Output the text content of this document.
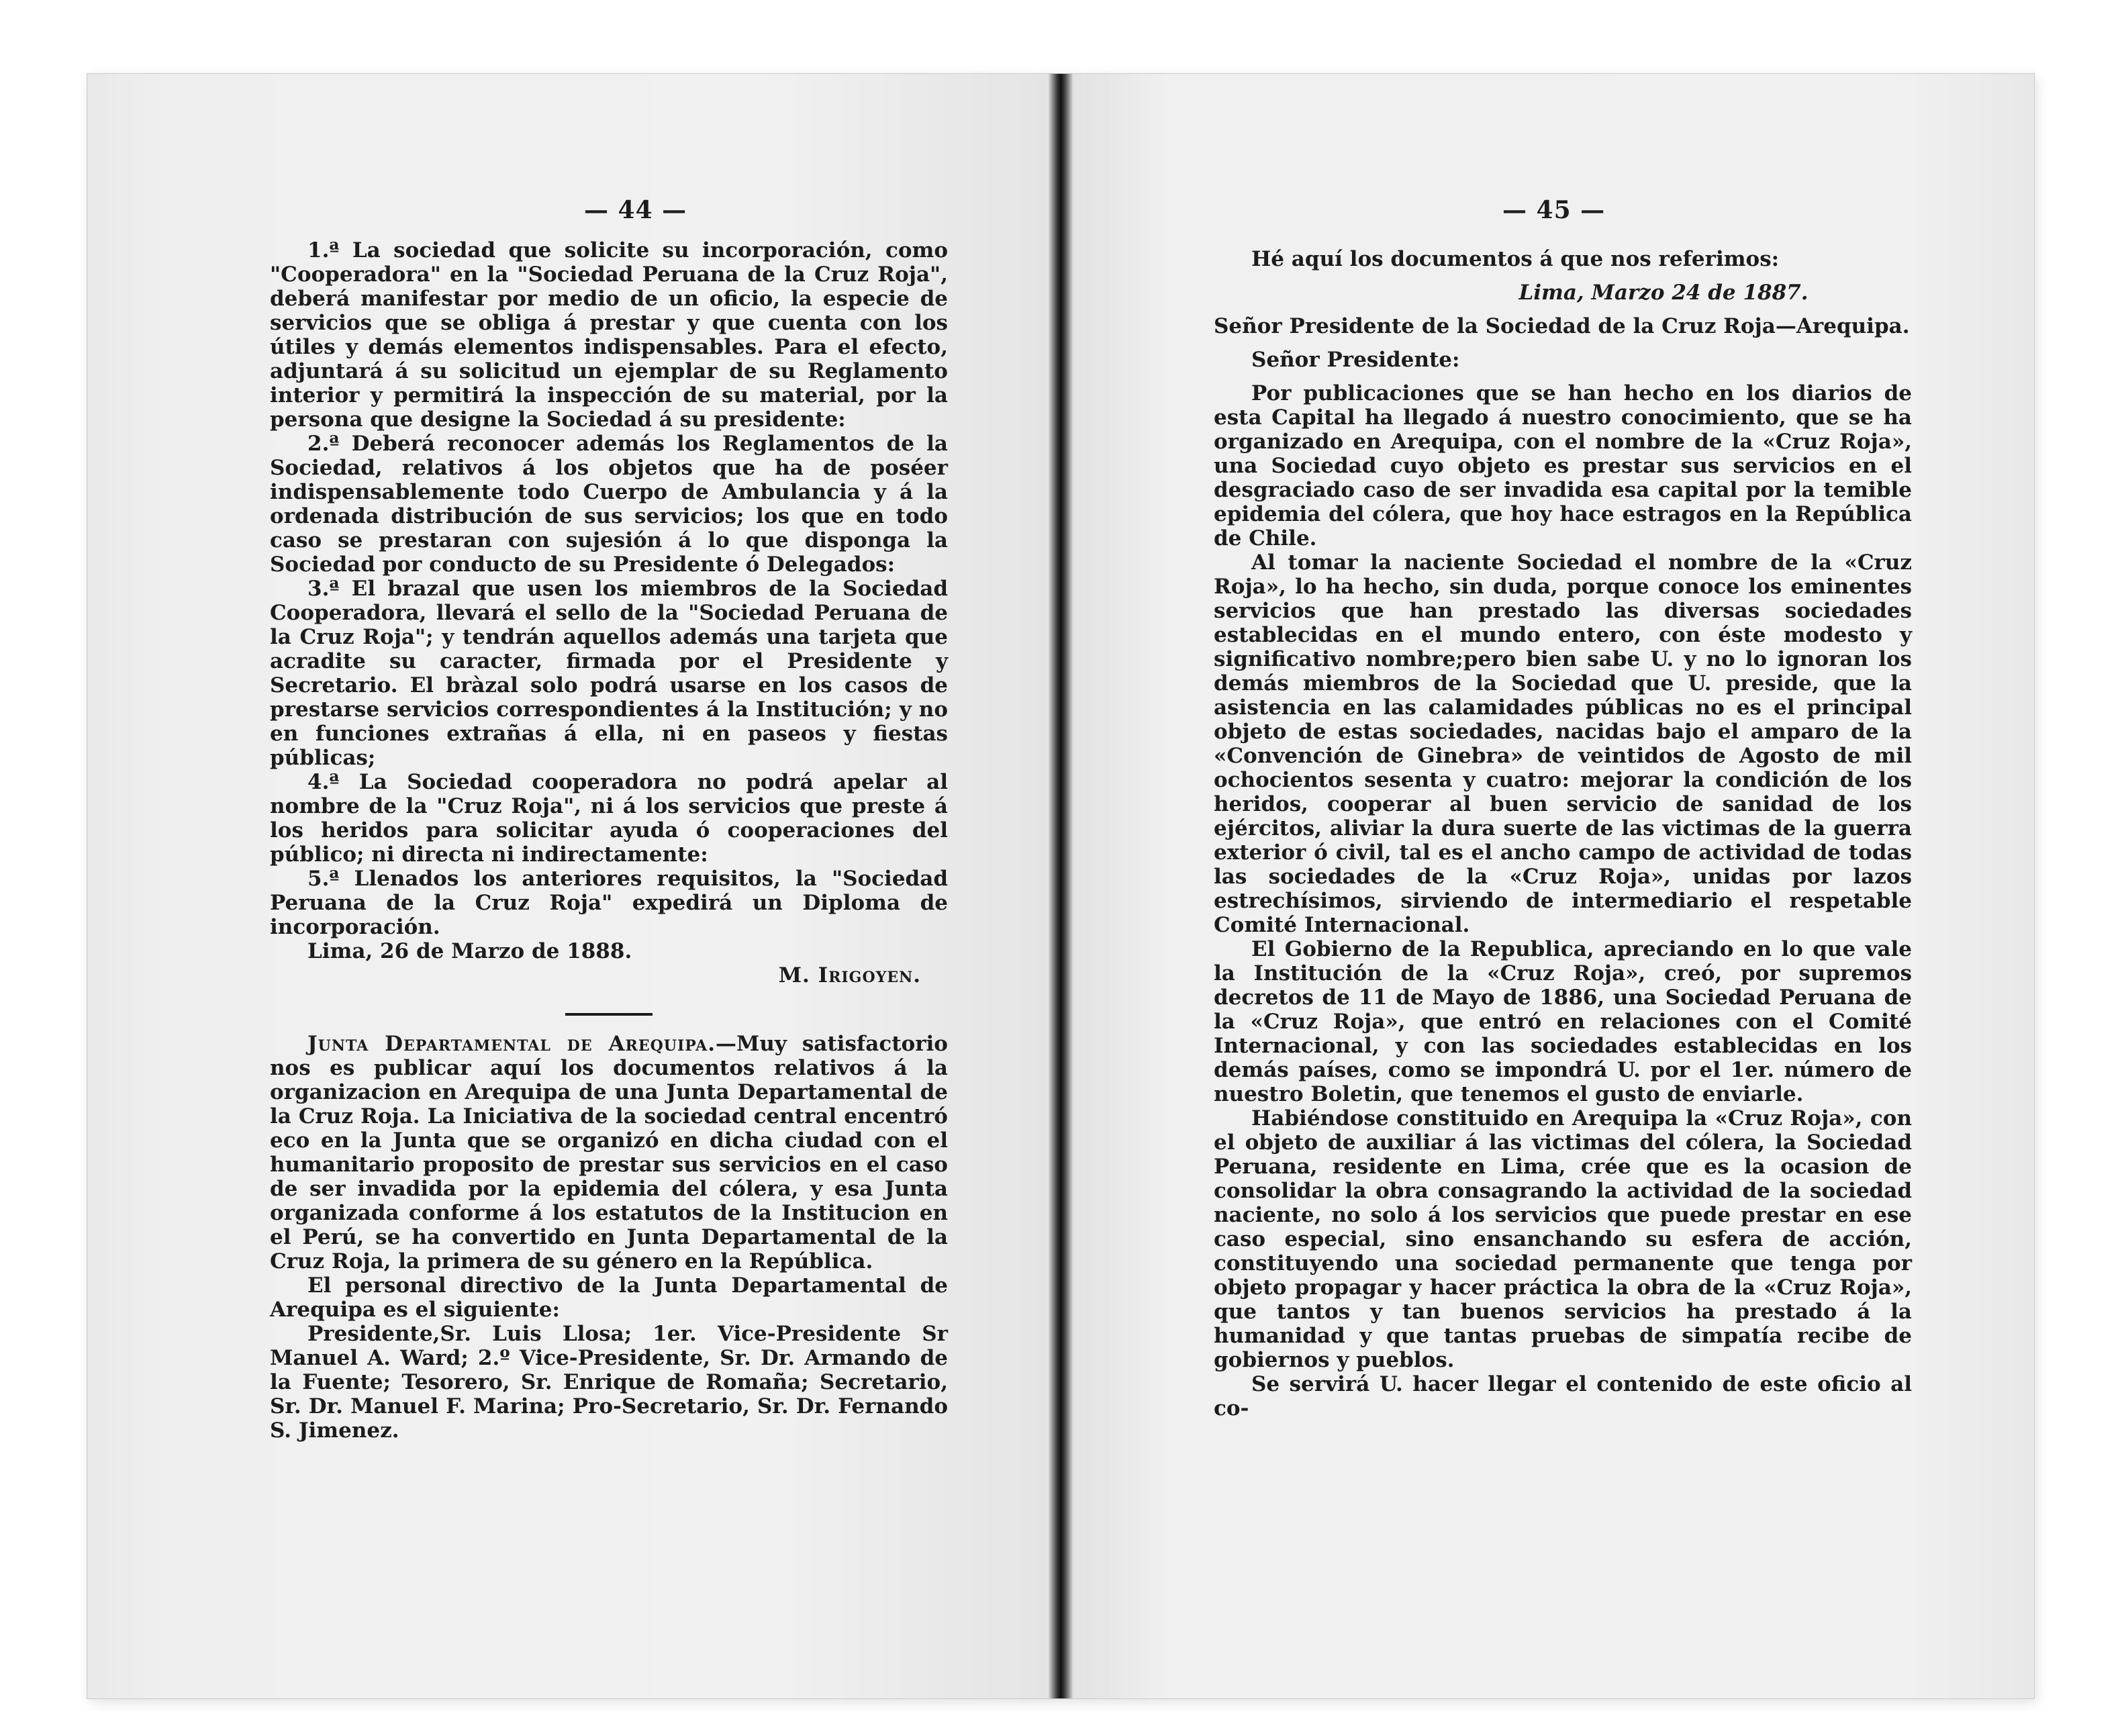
— 44 —

1.ª La sociedad que solicite su incorporación, como "Cooperadora" en la "Sociedad Peruana de la Cruz Roja", deberá manifestar por medio de un oficio, la especie de servicios que se obliga á prestar y que cuenta con los útiles y demás elementos indispensables. Para el efecto, adjuntará á su solicitud un ejemplar de su Reglamento interior y permitirá la inspección de su material, por la persona que designe la Sociedad á su presidente:

2.ª Deberá reconocer además los Reglamentos de la Sociedad, relativos á los objetos que ha de poséer indispensablemente todo Cuerpo de Ambulancia y á la ordenada distribución de sus servicios; los que en todo caso se prestaran con sujesión á lo que disponga la Sociedad por conducto de su Presidente ó Delegados:

3.ª El brazal que usen los miembros de la Sociedad Cooperadora, llevará el sello de la "Sociedad Peruana de la Cruz Roja"; y tendrán aquellos además una tarjeta que acradite su caracter, firmada por el Presidente y Secretario. El bràzal solo podrá usarse en los casos de prestarse servicios correspondientes á la Institución; y no en funciones extrañas á ella, ni en paseos y fiestas públicas;

4.ª La Sociedad cooperadora no podrá apelar al nombre de la "Cruz Roja", ni á los servicios que preste á los heridos para solicitar ayuda ó cooperaciones del público; ni directa ni indirectamente:

5.ª Llenados los anteriores requisitos, la "Sociedad Peruana de la Cruz Roja" expedirá un Diploma de incorporación.

Lima, 26 de Marzo de 1888.

M. Irigoyen.

Junta Departamental de Arequipa.—Muy satisfactorio nos es publicar aquí los documentos relativos á la organizacion en Arequipa de una Junta Departamental de la Cruz Roja. La Iniciativa de la sociedad central encentró eco en la Junta que se organizó en dicha ciudad con el humanitario proposito de prestar sus servicios en el caso de ser invadida por la epidemia del cólera, y esa Junta organizada conforme á los estatutos de la Institucion en el Perú, se ha convertido en Junta Departamental de la Cruz Roja, la primera de su género en la República.

El personal directivo de la Junta Departamental de Arequipa es el siguiente:

Presidente,Sr. Luis Llosa; 1er. Vice-Presidente Sr Manuel A. Ward; 2.º Vice-Presidente, Sr. Dr. Armando de la Fuente; Tesorero, Sr. Enrique de Romaña; Secretario, Sr. Dr. Manuel F. Marina; Pro-Secretario, Sr. Dr. Fernando S. Jimenez.

— 45 —

Hé aquí los documentos á que nos referimos:

Lima, Marzo 24 de 1887.

Señor Presidente de la Sociedad de la Cruz Roja—Arequipa.

Señor Presidente:

Por publicaciones que se han hecho en los diarios de esta Capital ha llegado á nuestro conocimiento, que se ha organizado en Arequipa, con el nombre de la «Cruz Roja», una Sociedad cuyo objeto es prestar sus servicios en el desgraciado caso de ser invadida esa capital por la temible epidemia del cólera, que hoy hace estragos en la República de Chile.

Al tomar la naciente Sociedad el nombre de la «Cruz Roja», lo ha hecho, sin duda, porque conoce los eminentes servicios que han prestado las diversas sociedades establecidas en el mundo entero, con éste modesto y significativo nombre;pero bien sabe U. y no lo ignoran los demás miembros de la Sociedad que U. preside, que la asistencia en las calamidades públicas no es el principal objeto de estas sociedades, nacidas bajo el amparo de la «Convención de Ginebra» de veintidos de Agosto de mil ochocientos sesenta y cuatro: mejorar la condición de los heridos, cooperar al buen servicio de sanidad de los ejércitos, aliviar la dura suerte de las victimas de la guerra exterior ó civil, tal es el ancho campo de actividad de todas las sociedades de la «Cruz Roja», unidas por lazos estrechísimos, sirviendo de intermediario el respetable Comité Internacional.

El Gobierno de la Republica, apreciando en lo que vale la Institución de la «Cruz Roja», creó, por supremos decretos de 11 de Mayo de 1886, una Sociedad Peruana de la «Cruz Roja», que entró en relaciones con el Comité Internacional, y con las sociedades establecidas en los demás países, como se impondrá U. por el 1er. número de nuestro Boletin, que tenemos el gusto de enviarle.

Habiéndose constituido en Arequipa la «Cruz Roja», con el objeto de auxiliar á las victimas del cólera, la Sociedad Peruana, residente en Lima, crée que es la ocasion de consolidar la obra consagrando la actividad de la sociedad naciente, no solo á los servicios que puede prestar en ese caso especial, sino ensanchando su esfera de acción, constituyendo una sociedad permanente que tenga por objeto propagar y hacer práctica la obra de la «Cruz Roja», que tantos y tan buenos servicios ha prestado á la humanidad y que tantas pruebas de simpatía recibe de gobiernos y pueblos.

Se servirá U. hacer llegar el contenido de este oficio al co-
